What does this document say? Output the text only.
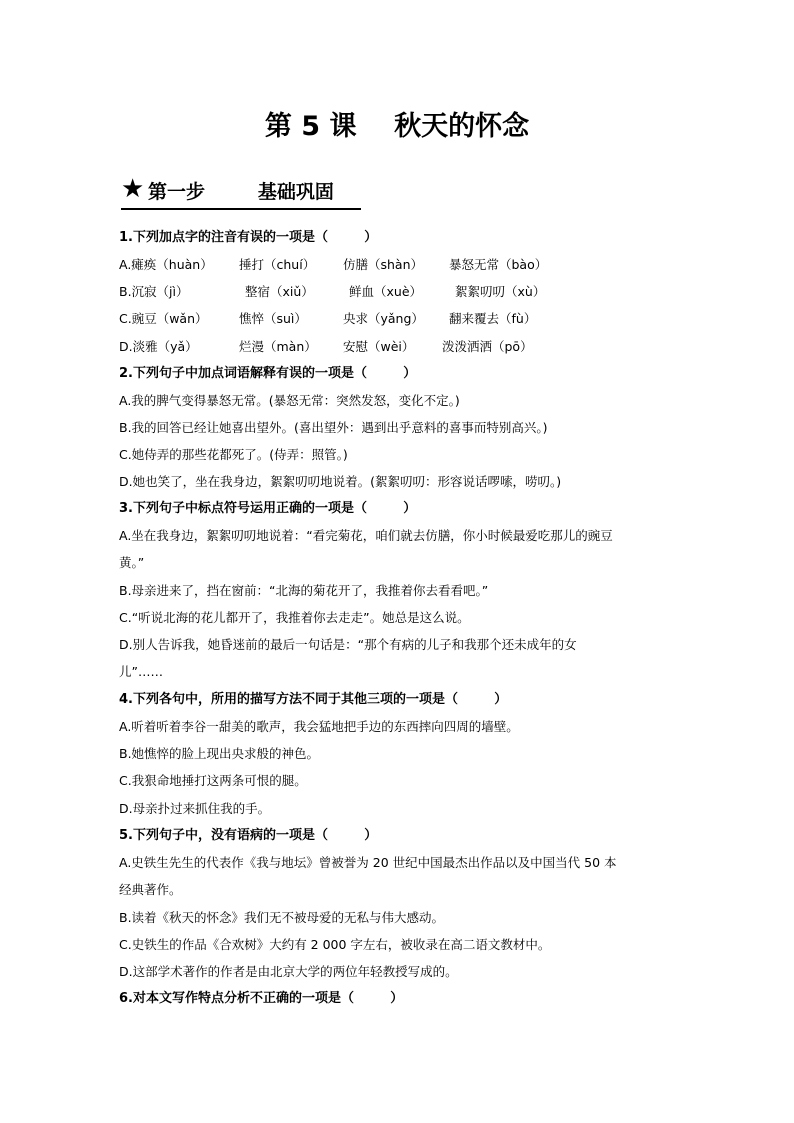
第 5 课    秋天的怀念
★ 第一步        基础巩固
1.下列加点字的注音有误的一项是（        ）
A.瘫痪（huàn） 捶打（chuí） 仿膳（shàn） 暴怒无常（bào）
B.沉寂（jì）	整宿（xiǔ）	鲜血（xuè）	絮絮叨叨（xù）
C.豌豆（wǎn）	憔悴（suì）	央求（yǎng） 翻来覆去（fù）
D.淡雅（yǎ）	烂漫（màn） 安慰（wèi） 泼泼洒洒（pō）
2.下列句子中加点词语解释有误的一项是（        ）
A.我的脾气变得暴怒无常。(暴怒无常：突然发怒，变化不定。)
B.我的回答已经让她喜出望外。(喜出望外：遇到出乎意料的喜事而特别高兴。)
C.她侍弄的那些花都死了。(侍弄：照管。)
D.她也笑了，坐在我身边，絮絮叨叨地说着。(絮絮叨叨：形容说话啰嗦，唠叨。)
3.下列句子中标点符号运用正确的一项是（        ）
A.坐在我身边，絮絮叨叨地说着：“看完菊花，咱们就去仿膳，你小时候最爱吃那儿的豌豆
黄。”
B.母亲进来了，挡在窗前：“北海的菊花开了，我推着你去看看吧。”
C.“听说北海的花儿都开了，我推着你去走走”。她总是这么说。
D.别人告诉我，她昏迷前的最后一句话是：“那个有病的儿子和我那个还未成年的女
儿”……
4.下列各句中，所用的描写方法不同于其他三项的一项是（        ）
A.听着听着李谷一甜美的歌声，我会猛地把手边的东西摔向四周的墙壁。
B.她憔悴的脸上现出央求般的神色。
C.我狠命地捶打这两条可恨的腿。
D.母亲扑过来抓住我的手。
5.下列句子中，没有语病的一项是（        ）
A.史铁生先生的代表作《我与地坛》曾被誉为 20 世纪中国最杰出作品以及中国当代 50 本
经典著作。
B.读着《秋天的怀念》我们无不被母爱的无私与伟大感动。
C.史铁生的作品《合欢树》大约有 2 000 字左右，被收录在高二语文教材中。
D.这部学术著作的作者是由北京大学的两位年轻教授写成的。
6.对本文写作特点分析不正确的一项是（        ）
